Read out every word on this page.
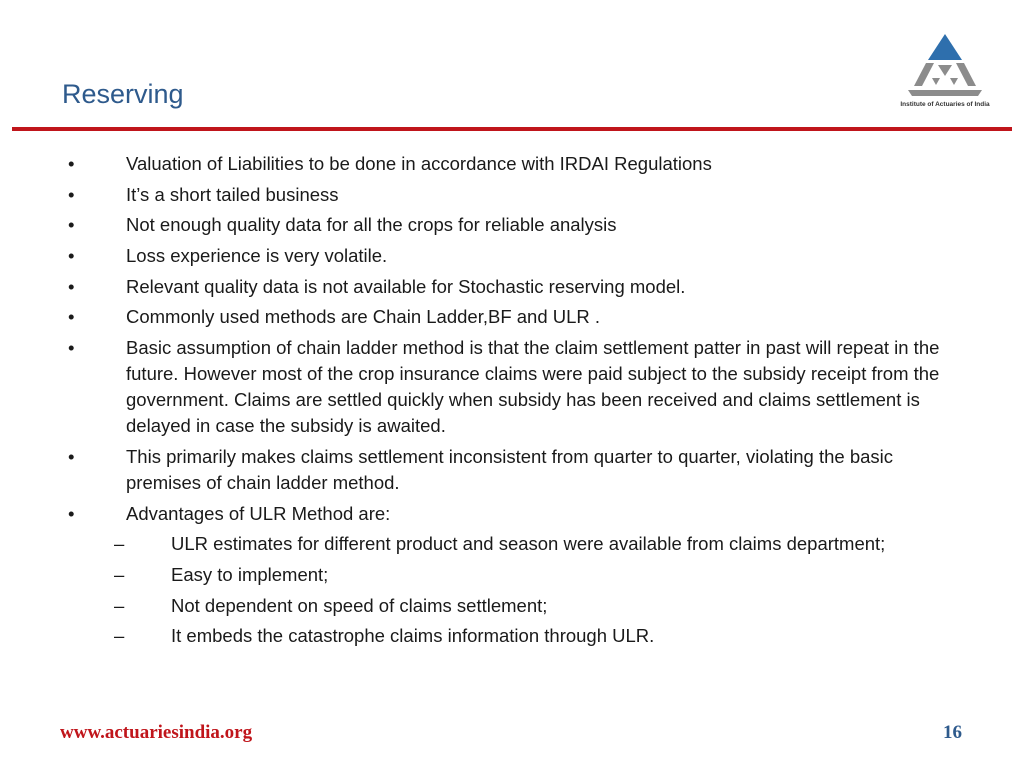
Reserving	Institute of Actuaries of India
•	Valuation of Liabilities to be done in accordance with IRDAI Regulations
•	It’s a short tailed business
•	Not enough quality data for all the crops for reliable analysis
•	Loss experience is very volatile.
•	Relevant quality data is not available for Stochastic reserving model.
•	Commonly used methods are Chain Ladder,BF and ULR .
•	Basic assumption of chain ladder method is that the claim settlement patter in past will repeat in the future. However most of the crop insurance claims were paid subject to the subsidy receipt from the government. Claims are settled quickly when subsidy has been received and claims settlement is delayed in case the subsidy is awaited.
•	This primarily makes claims settlement inconsistent from quarter to quarter, violating the basic premises of chain ladder method.
•	Advantages of ULR Method are:
–	ULR estimates for different product and season were available from claims department;
–	Easy to implement;
–	Not dependent on speed of claims settlement;
–	It embeds the catastrophe claims information through ULR.
www.actuariesindia.org	16
